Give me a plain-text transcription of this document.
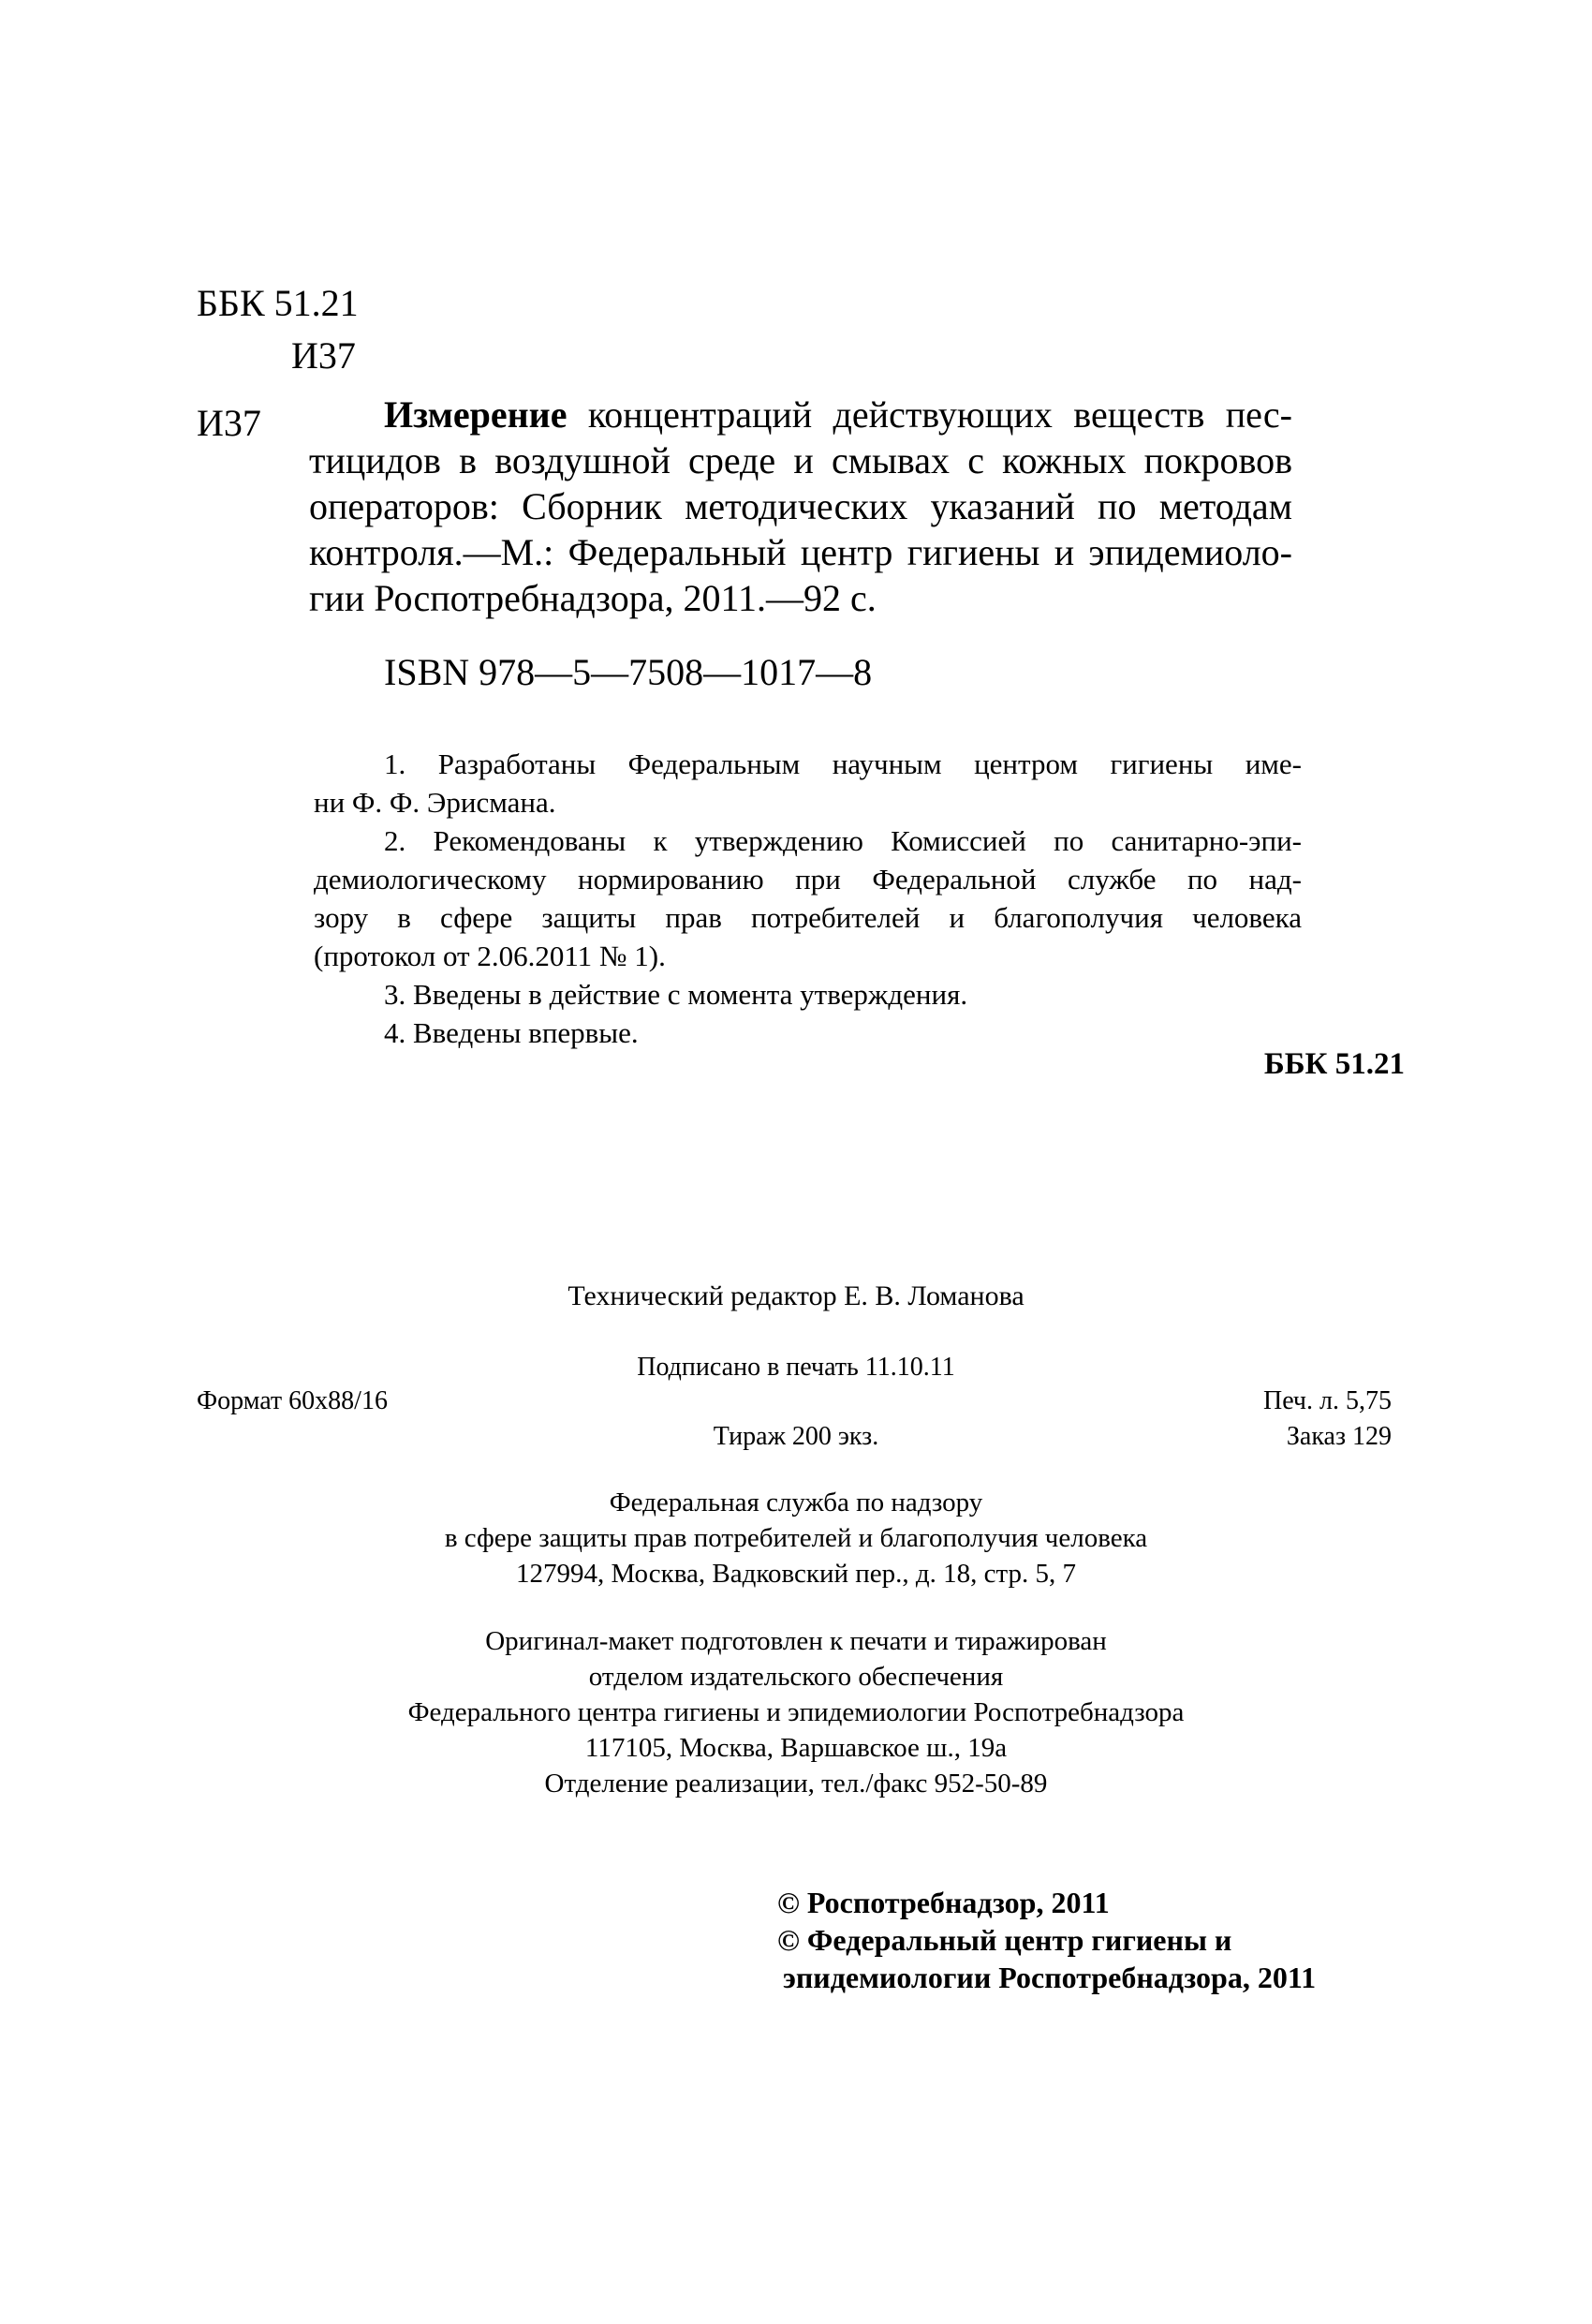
ББК 51.21
И37
И37	Измерение концентраций действующих веществ пес-
тицидов в воздушной среде и смывах с кожных покровов
операторов: Сборник методических указаний по методам
контроля.—М.: Федеральный центр гигиены и эпидемиоло-
гии Роспотребнадзора, 2011.—92 с.
ISBN 978—5—7508—1017—8
1. Разработаны Федеральным научным центром гигиены име-
ни Ф. Ф. Эрисмана.
2. Рекомендованы к утверждению Комиссией по санитарно-эпи-
демиологическому нормированию при Федеральной службе по над-
зору в сфере защиты прав потребителей и благополучия человека
(протокол от 2.06.2011 № 1).
3. Введены в действие с момента утверждения.
4. Введены впервые.
ББК 51.21
Технический редактор Е. В. Ломанова
Подписано в печать 11.10.11
Формат 60x88/16	Печ. л. 5,75
Тираж 200 экз.	Заказ 129
Федеральная служба по надзору
в сфере защиты прав потребителей и благополучия человека
127994, Москва, Вадковский пер., д. 18, стр. 5, 7
Оригинал-макет подготовлен к печати и тиражирован
отделом издательского обеспечения
Федерального центра гигиены и эпидемиологии Роспотребнадзора
117105, Москва, Варшавское ш., 19а
Отделение реализации, тел./факс 952-50-89
© Роспотребнадзор, 2011
© Федеральный центр гигиены и
эпидемиологии Роспотребнадзора, 2011
